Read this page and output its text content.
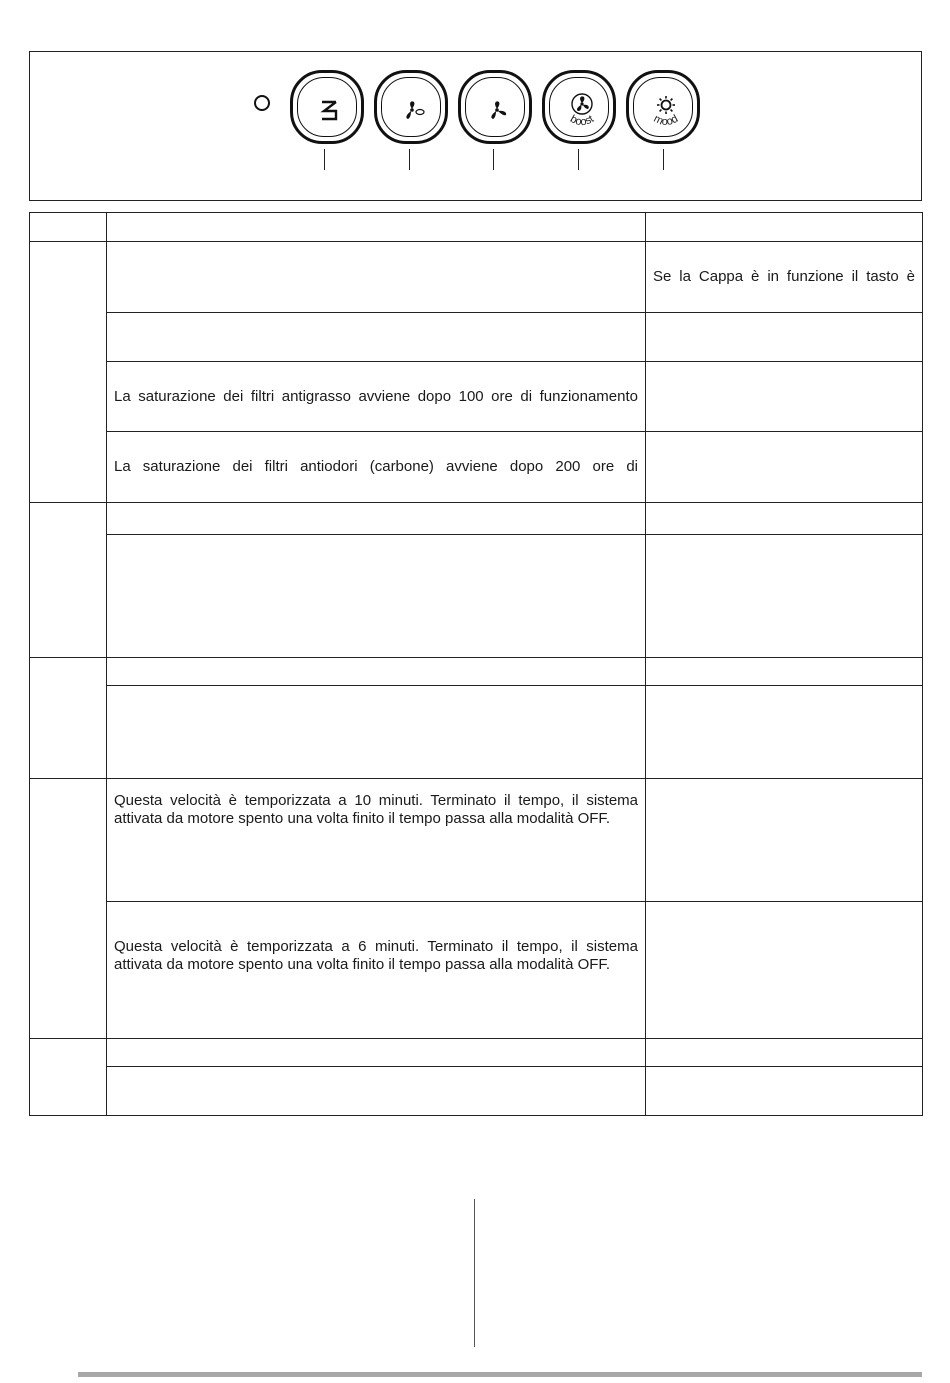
boost	mood

		Se la Cappa è in funzione il tasto è

	La saturazione dei filtri antigrasso avviene dopo 100 ore di funzionamento	
	La saturazione dei filtri antiodori (carbone) avviene dopo 200 ore di	

	Questa velocità è temporizzata a 10 minuti. Terminato il tempo, il sistema
attivata da motore spento una volta finito il tempo passa alla modalità OFF.	

	Questa velocità è temporizzata a 6 minuti. Terminato il tempo, il sistema
attivata da motore spento una volta finito il tempo passa alla modalità OFF.	
